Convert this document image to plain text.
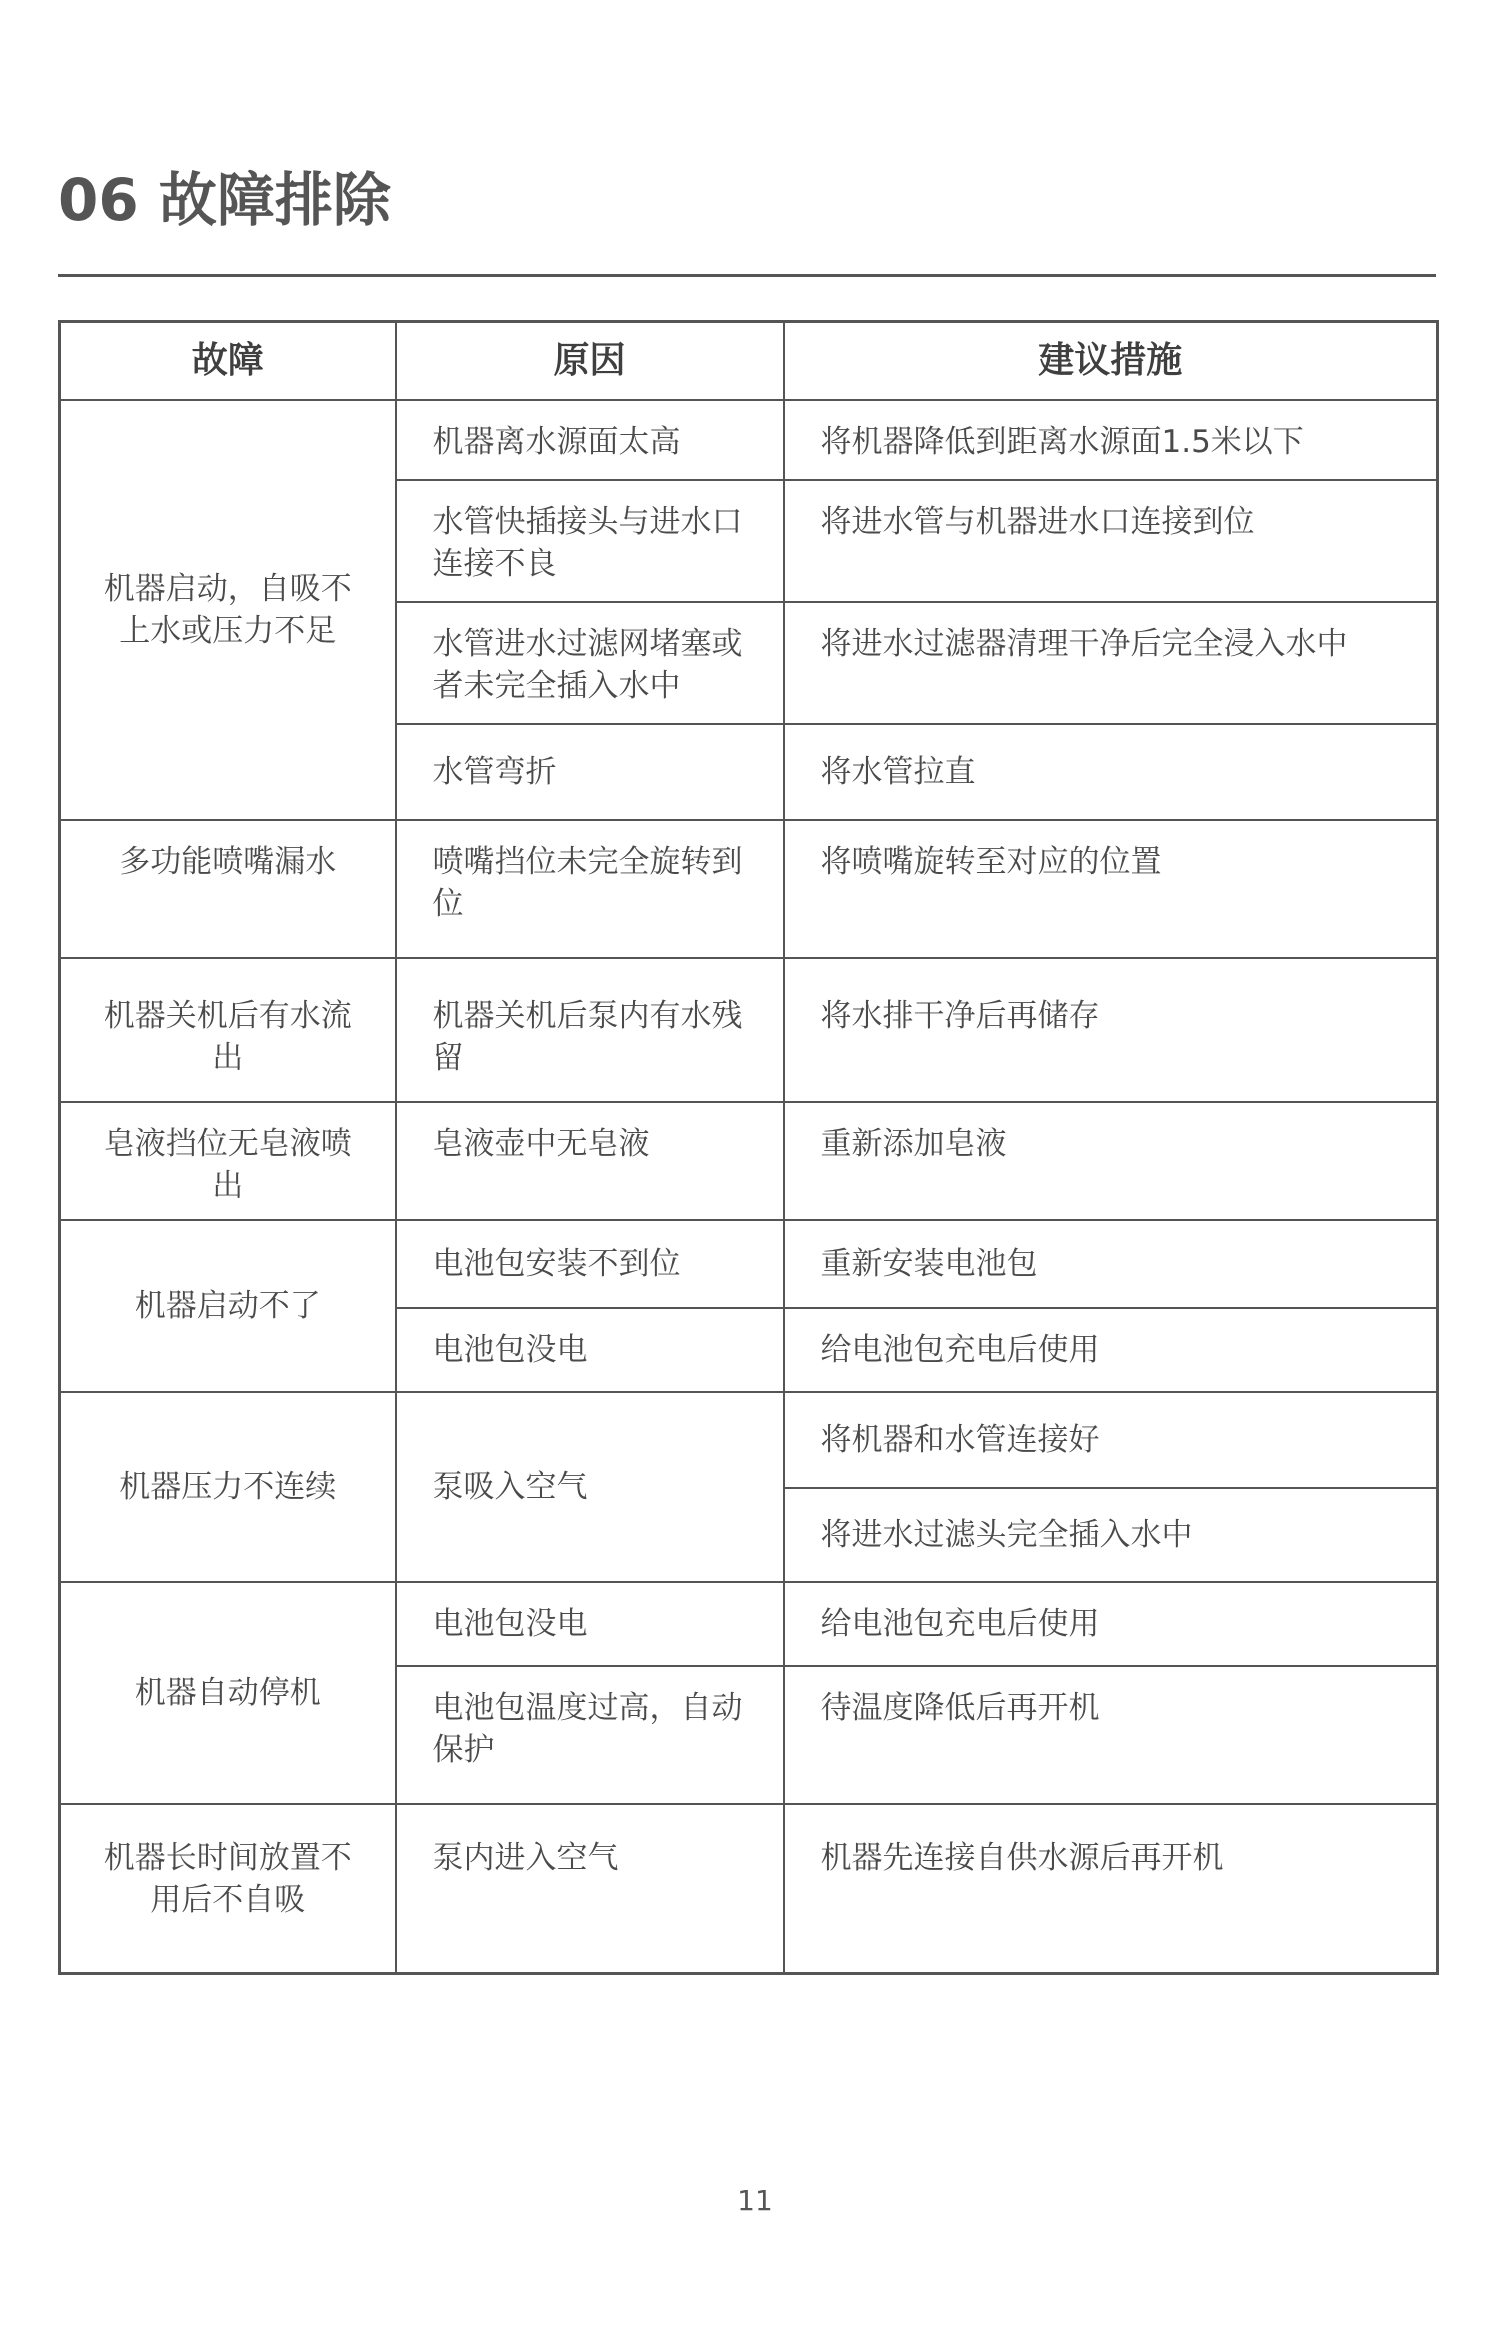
06 故障排除
故障	原因	建议措施
机器启动，自吸不上水或压力不足	机器离水源面太高	将机器降低到距离水源面1.5米以下
	水管快插接头与进水口连接不良	将进水管与机器进水口连接到位
	水管进水过滤网堵塞或者未完全插入水中	将进水过滤器清理干净后完全浸入水中
	水管弯折	将水管拉直
多功能喷嘴漏水	喷嘴挡位未完全旋转到位	将喷嘴旋转至对应的位置
机器关机后有水流出	机器关机后泵内有水残留	将水排干净后再储存
皂液挡位无皂液喷出	皂液壶中无皂液	重新添加皂液
机器启动不了	电池包安装不到位	重新安装电池包
	电池包没电	给电池包充电后使用
机器压力不连续	泵吸入空气	将机器和水管连接好
		将进水过滤头完全插入水中
机器自动停机	电池包没电	给电池包充电后使用
	电池包温度过高，自动保护	待温度降低后再开机
机器长时间放置不用后不自吸	泵内进入空气	机器先连接自供水源后再开机
11
